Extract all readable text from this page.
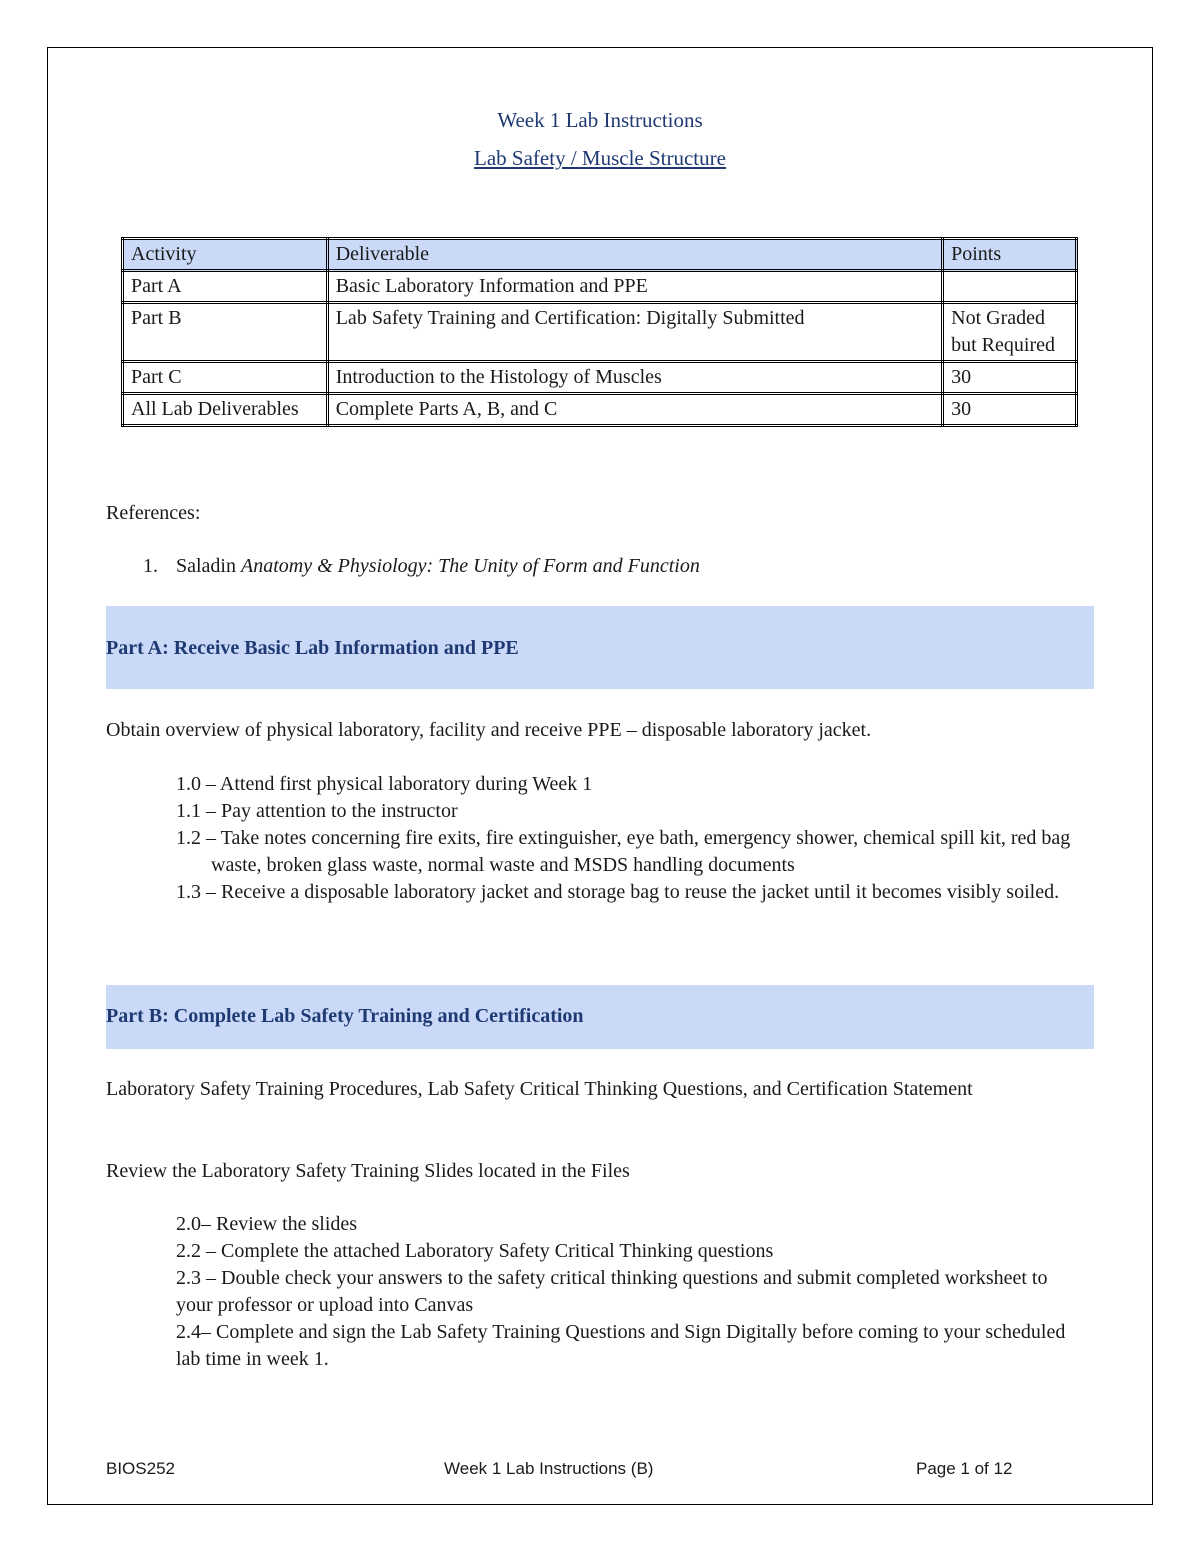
Week 1 Lab Instructions
Lab Safety / Muscle Structure
Activity	Deliverable	Points
Part A	Basic Laboratory Information and PPE	
Part B	Lab Safety Training and Certification: Digitally Submitted	Not Graded but Required
Part C	Introduction to the Histology of Muscles	30
All Lab Deliverables	Complete Parts A, B, and C	30
References:
1. Saladin Anatomy & Physiology: The Unity of Form and Function
Part A: Receive Basic Lab Information and PPE
Obtain overview of physical laboratory, facility and receive PPE – disposable laboratory jacket.
1.0 – Attend first physical laboratory during Week 1
1.1 – Pay attention to the instructor
1.2 – Take notes concerning fire exits, fire extinguisher, eye bath, emergency shower, chemical spill kit, red bag waste, broken glass waste, normal waste and MSDS handling documents
1.3 – Receive a disposable laboratory jacket and storage bag to reuse the jacket until it becomes visibly soiled.
Part B: Complete Lab Safety Training and Certification
Laboratory Safety Training Procedures, Lab Safety Critical Thinking Questions, and Certification Statement
Review the Laboratory Safety Training Slides located in the Files
2.0– Review the slides
2.2 – Complete the attached Laboratory Safety Critical Thinking questions
2.3 – Double check your answers to the safety critical thinking questions and submit completed worksheet to your professor or upload into Canvas
2.4– Complete and sign the Lab Safety Training Questions and Sign Digitally before coming to your scheduled lab time in week 1.
BIOS252	Week 1 Lab Instructions (B)	Page 1 of 12
